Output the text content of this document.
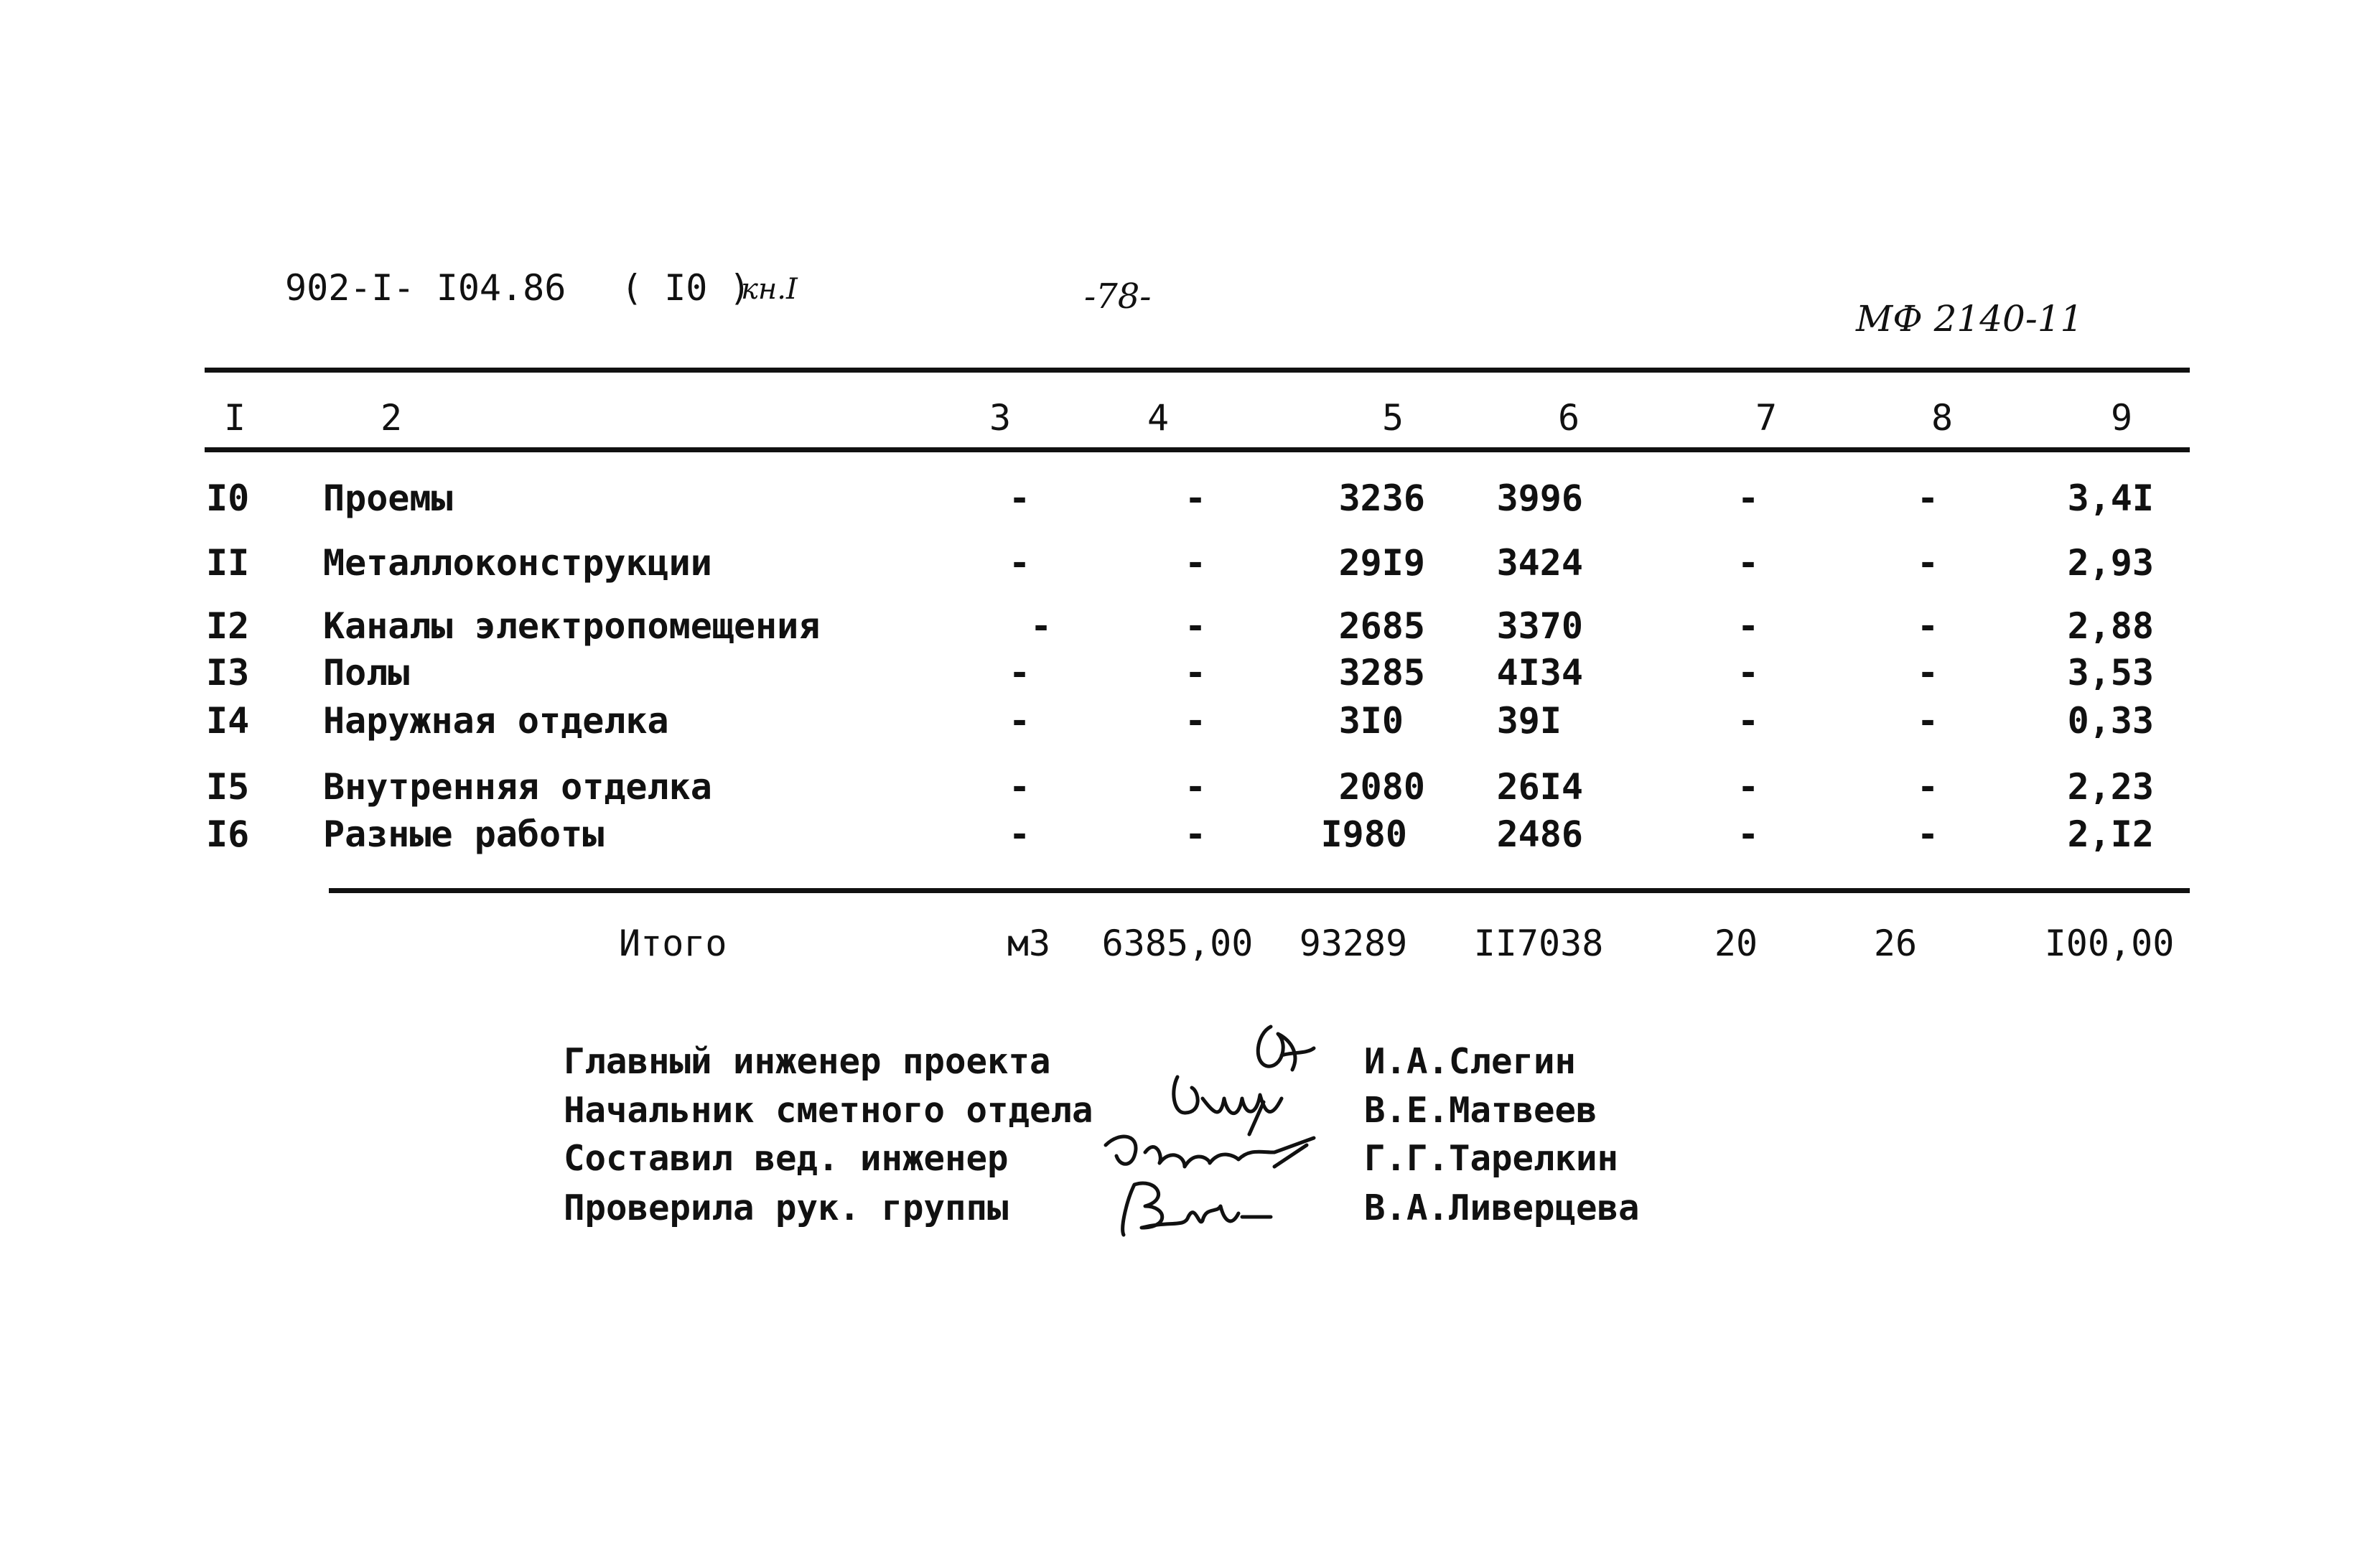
902-I- I04.86 ( I0 )
кн.I	-78-
МФ 2140-11
I	2	3	4	5	6	7	8	9
I0 Проемы	-	-	3236 3996	-	-	3,4I
II Металлоконструкции	-	-	29I9 3424	-	-	2,93
I2 Каналы электропомещения	-	-	2685 3370	-	-	2,88
I3 Полы	-	-	3285 4I34	-	-	3,53
I4 Наружная отделка	-	-	3I0	39I	-	-	0,33
I5 Внутренняя отделка	-	-	2080 26I4	-	-	2,23
I6 Разные работы	-	-	I980 2486	-	-	2,I2
Итого	м3 6385,00 93289 II7038	20	26	I00,00
Главный инженер проекта	И.А.Слегин
Начальник сметного отдела	В.Е.Матвеев
Составил вед. инженер	Г.Г.Тарелкин
Проверила рук. группы	В.А.Ливерцева
